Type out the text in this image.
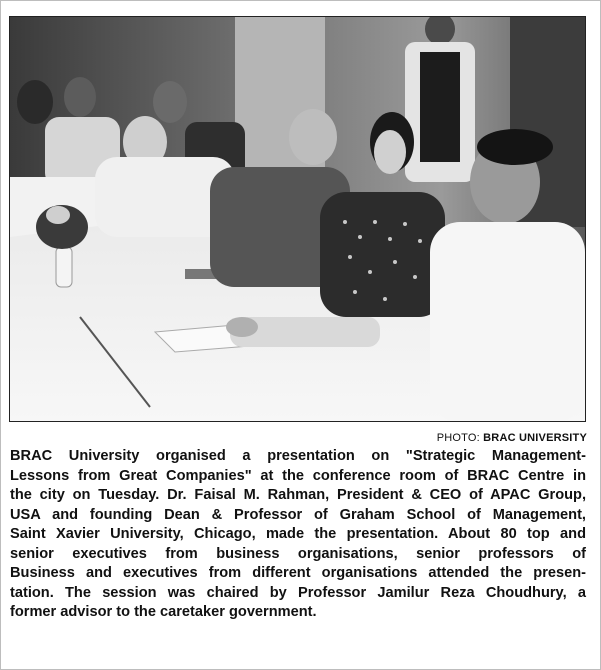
PHOTO: BRAC UNIVERSITY
BRAC University organised a presentation on "Strategic Management-
Lessons from Great Companies" at the conference room of BRAC Centre in
the city on Tuesday. Dr. Faisal M. Rahman, President & CEO of APAC Group,
USA and founding Dean & Professor of Graham School of Management,
Saint Xavier University, Chicago, made the presentation. About 80 top and
senior executives from business organisations, senior professors of
Business and executives from different organisations attended the presen-
tation. The session was chaired by Professor Jamilur Reza Choudhury, a
former advisor to the caretaker government.
